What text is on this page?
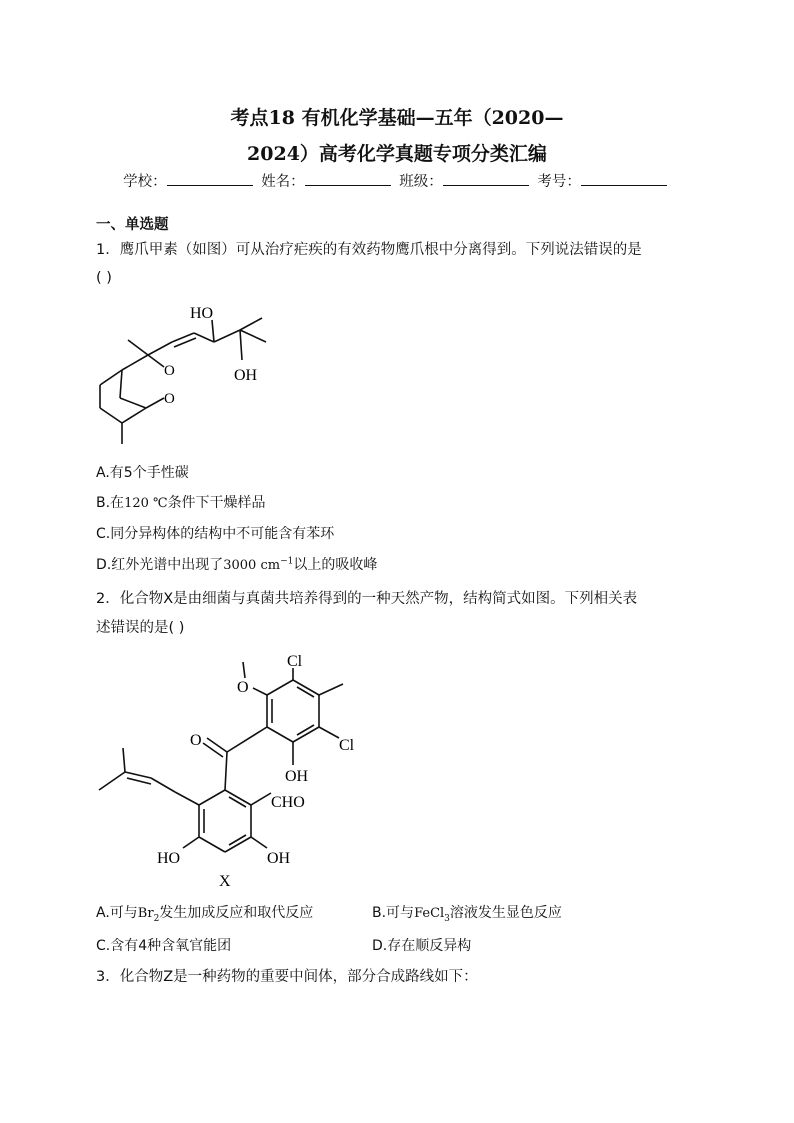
考点18 有机化学基础—五年（2020—
2024）高考化学真题专项分类汇编
学校：	姓名：	班级：	考号：
一、单选题
1．鹰爪甲素（如图）可从治疗疟疾的有效药物鹰爪根中分离得到。下列说法错误的是
( )
HO
OH
O
O
A.有5个手性碳
B.在120 ℃条件下干燥样品
C.同分异构体的结构中不可能含有苯环
D.红外光谱中出现了3000 $cm^{-1}$以上的吸收峰
2．化合物X是由细菌与真菌共培养得到的一种天然产物，结构简式如图。下列相关表
述错误的是( )
Cl
Cl
O
O
OH
CHO
HO	OH
X
A.可与$Br_2$发生加成反应和取代反应	B.可与FeCl$_3$溶液发生显色反应
C.含有4种含氧官能团	D.存在顺反异构
3．化合物Z是一种药物的重要中间体，部分合成路线如下：
